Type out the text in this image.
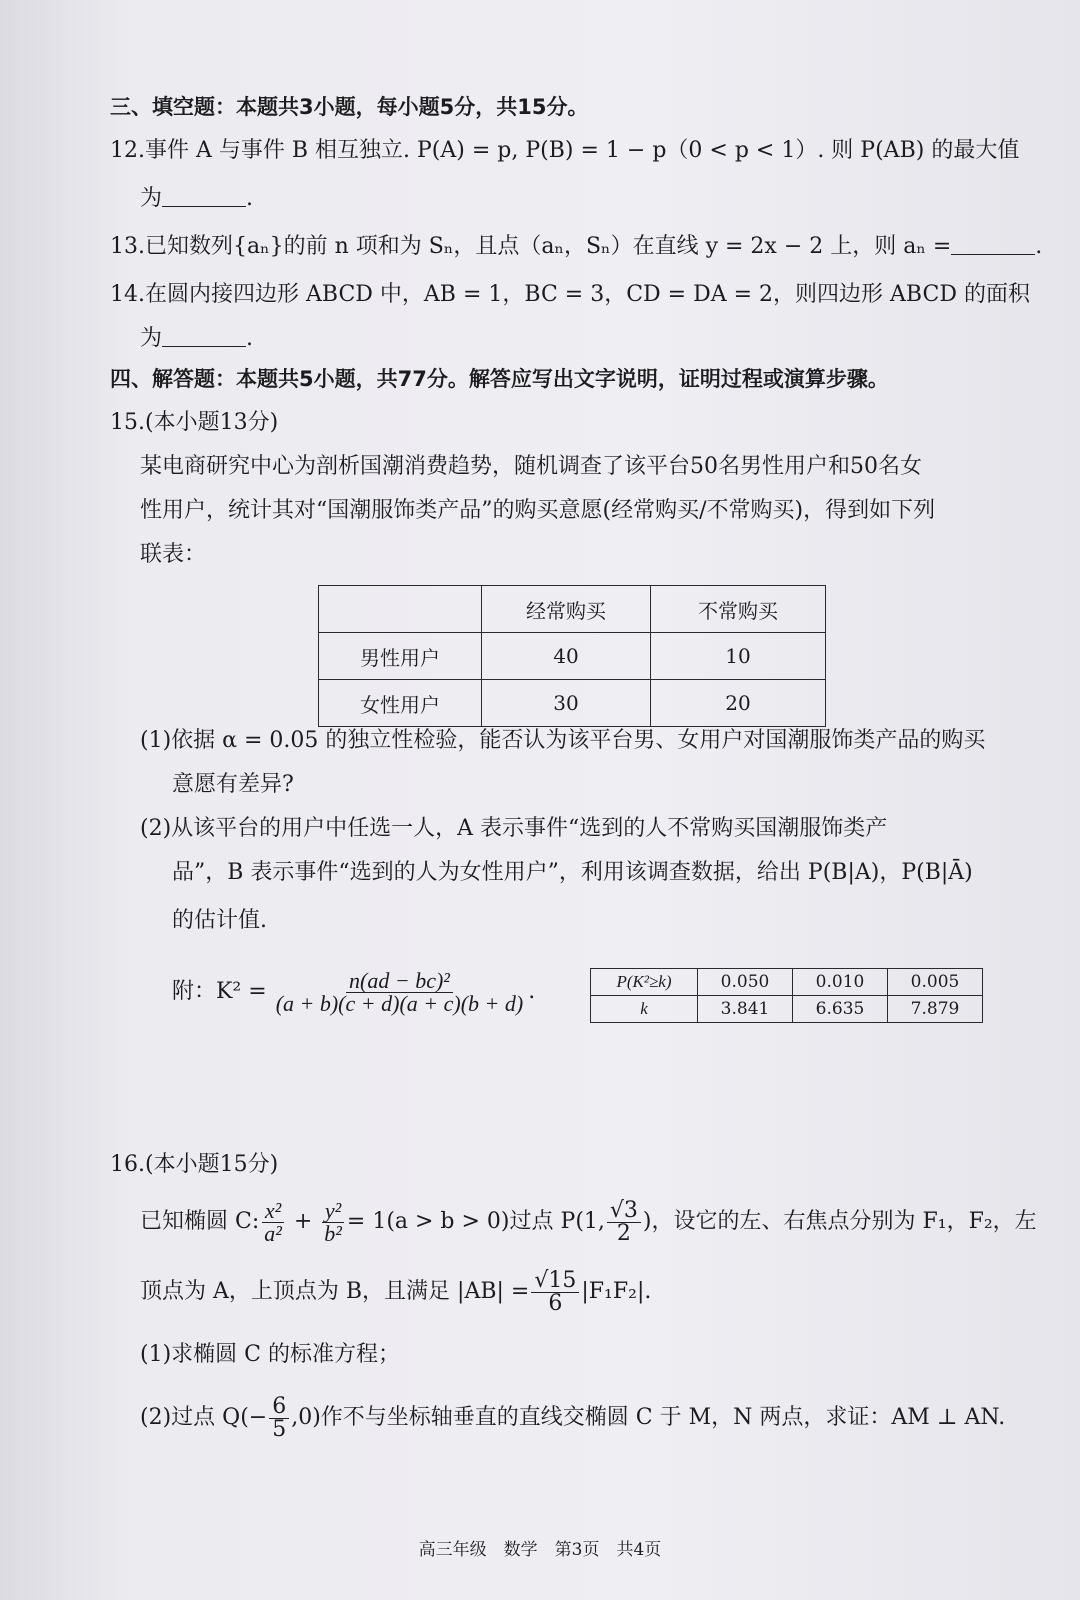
三、填空题：本题共3小题，每小题5分，共15分。
12.事件 A 与事件 B 相互独立. P(A) = p, P(B) = 1 − p（0 < p < 1）. 则 P(AB) 的最大值
为	.
13.已知数列{aₙ}的前 n 项和为 Sₙ，且点（aₙ，Sₙ）在直线 y = 2x − 2 上，则 aₙ =	.
14.在圆内接四边形 ABCD 中，AB = 1，BC = 3，CD = DA = 2，则四边形 ABCD 的面积
为	.
四、解答题：本题共5小题，共77分。解答应写出文字说明，证明过程或演算步骤。
15.(本小题13分)
某电商研究中心为剖析国潮消费趋势，随机调查了该平台50名男性用户和50名女
性用户，统计其对“国潮服饰类产品”的购买意愿(经常购买/不常购买)，得到如下列
联表：
	经常购买	不常购买
男性用户	40	10
女性用户	30	20
(1)依据 α = 0.05 的独立性检验，能否认为该平台男、女用户对国潮服饰类产品的购买
意愿有差异?
(2)从该平台的用户中任选一人，A 表示事件“选到的人不常购买国潮服饰类产
品”，B 表示事件“选到的人为女性用户”，利用该调查数据，给出 P(B|A)，P(B|Ā)
的估计值.
附：$K^2 = \frac{\text{n(ad − bc)²}}{(a + b)(c + d)(a + c)(b + d)}$ .	P(K²≥k)	0.050	0.010	0.005
k	3.841	6.635	7.879
16.(本小题15分)
已知椭圆 C: $\frac{\text{x²}}{\text{a²}} + \frac{\text{y²}}{\text{b²}} = 1(a > b > 0)$过点 P(1, $\frac{√3}{2}$ )，设它的左、右焦点分别为 F₁，F₂，左
顶点为 A，上顶点为 B，且满足 $|AB| = \frac{√15}{6} |F_1F_2|$.
(1)求椭圆 C 的标准方程；
(2)过点 $Q(- \frac{6}{5} ,0)$作不与坐标轴垂直的直线交椭圆 C 于 M，N 两点，求证：AM ⊥ AN.
高三年级　数学　第3页　共4页
